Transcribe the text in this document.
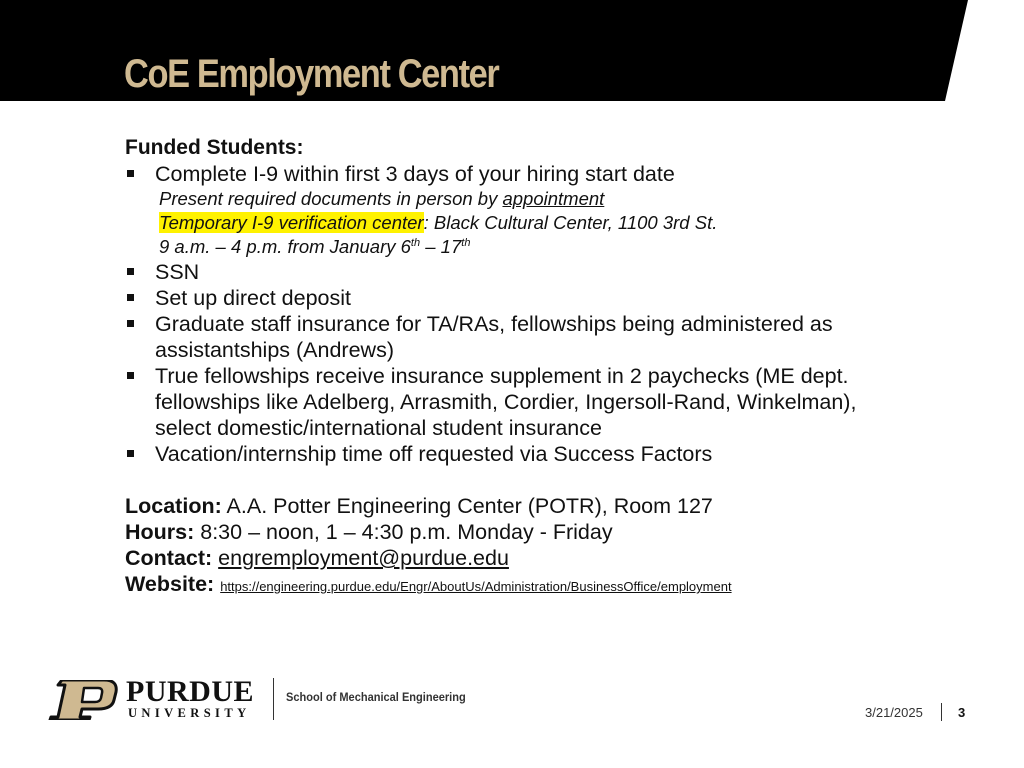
CoE Employment Center
Funded Students:
Complete I-9 within first 3 days of your hiring start date
Present required documents in person by appointment
Temporary I-9 verification center: Black Cultural Center, 1100 3rd St.
9 a.m. – 4 p.m. from January 6th – 17th
SSN
Set up direct deposit
Graduate staff insurance for TA/RAs, fellowships being administered as assistantships (Andrews)
True fellowships receive insurance supplement in 2 paychecks (ME dept. fellowships like Adelberg, Arrasmith, Cordier, Ingersoll-Rand, Winkelman), select domestic/international student insurance
Vacation/internship time off requested via Success Factors
Location: A.A. Potter Engineering Center (POTR), Room 127
Hours: 8:30 – noon, 1 – 4:30 p.m. Monday - Friday
Contact: engremployment@purdue.edu
Website: https://engineering.purdue.edu/Engr/AboutUs/Administration/BusinessOffice/employment
PURDUE
UNIVERSITY
School of Mechanical Engineering
3/21/2025	3
